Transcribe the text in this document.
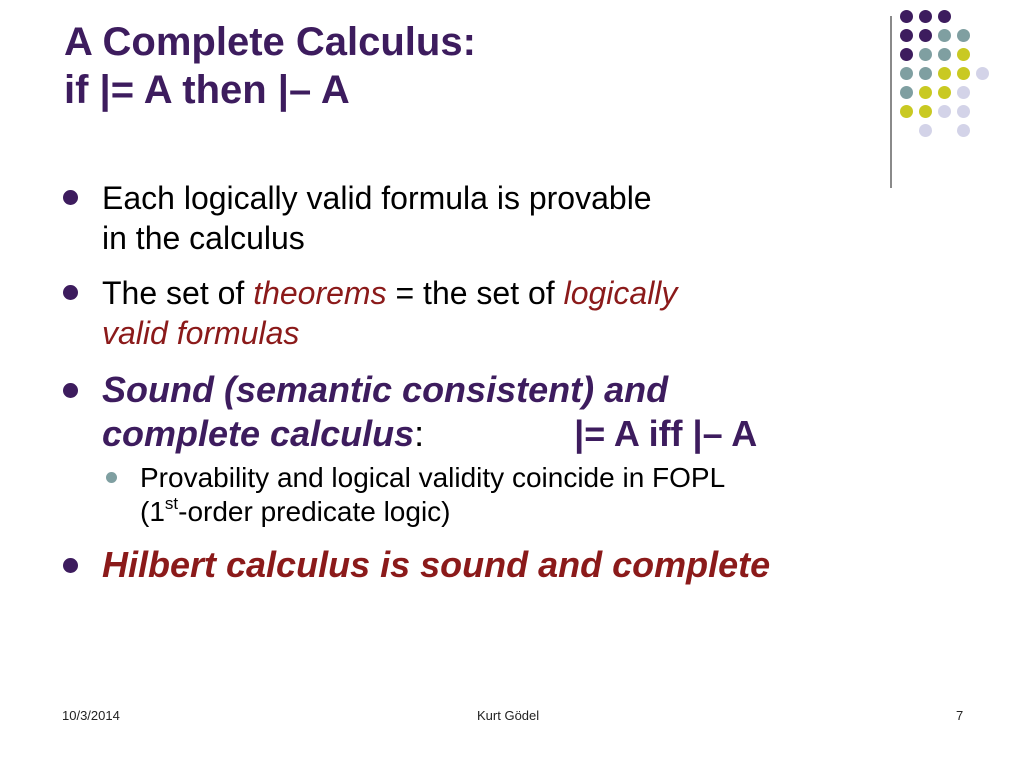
A Complete Calculus:
if |= A then |– A
Each logically valid formula is provable
in the calculus
The set of theorems = the set of logically
valid formulas
Sound (semantic consistent) and
complete calculus:	|= A iff |– A
Provability and logical validity coincide in FOPL
(1st-order predicate logic)
Hilbert calculus is sound and complete
10/3/2014	Kurt Gödel	7
